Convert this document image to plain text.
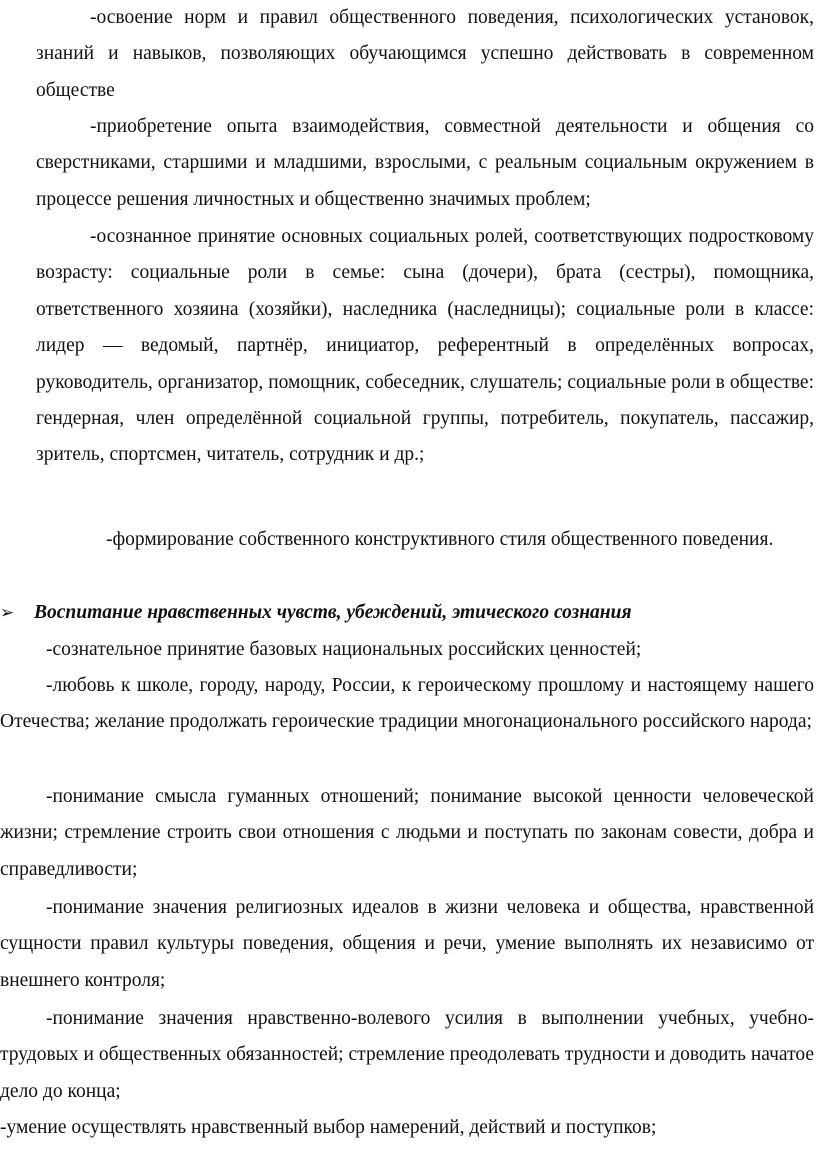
-освоение норм и правил общественного поведения, психологических установок, знаний и навыков, позволяющих обучающимся успешно действовать в современном обществе

-приобретение опыта взаимодействия, совместной деятельности и общения со сверстниками, старшими и младшими, взрослыми, с реальным социальным окружением в процессе решения личностных и общественно значимых проблем;

-осознанное принятие основных социальных ролей, соответствующих подростковому возрасту: социальные роли в семье: сына (дочери), брата (сестры), помощника, ответственного хозяина (хозяйки), наследника (наследницы); социальные роли в классе: лидер — ведомый, партнёр, инициатор, референтный в определённых вопросах, руководитель, организатор, помощник, собеседник, слушатель; социальные роли в обществе: гендерная, член определённой социальной группы, потребитель, покупатель, пассажир, зритель, спортсмен, читатель, сотрудник и др.;

-формирование собственного конструктивного стиля общественного поведения.

➢ Воспитание нравственных чувств, убеждений, этического сознания

-сознательное принятие базовых национальных российских ценностей;

-любовь к школе, городу, народу, России, к героическому прошлому и настоящему нашего Отечества; желание продолжать героические традиции многонационального российского народа;

-понимание смысла гуманных отношений; понимание высокой ценности человеческой жизни; стремление строить свои отношения с людьми и поступать по законам совести, добра и справедливости;

-понимание значения религиозных идеалов в жизни человека и общества, нравственной сущности правил культуры поведения, общения и речи, умение выполнять их независимо от внешнего контроля;

-понимание значения нравственно-волевого усилия в выполнении учебных, учебно-трудовых и общественных обязанностей; стремление преодолевать трудности и доводить начатое дело до конца;

-умение осуществлять нравственный выбор намерений, действий и поступков;
